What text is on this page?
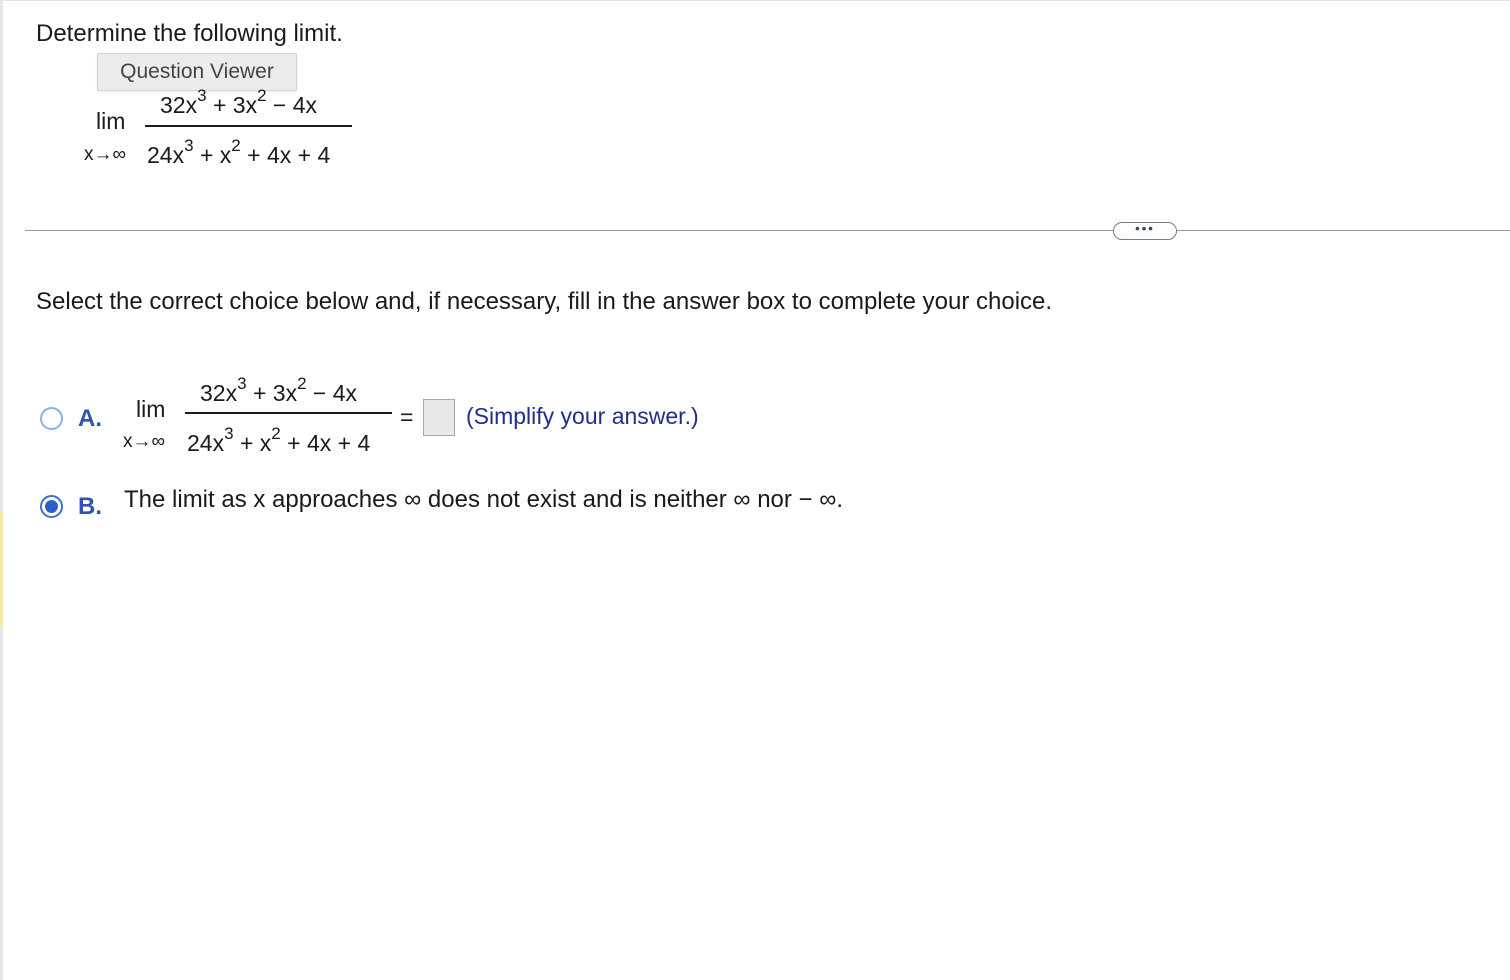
Determine the following limit.
Question Viewer
lim
x→∞
$32x^3 + 3x^2 - 4x$
$24x^3 + x^2 + 4x + 4$
•••
Select the correct choice below and, if necessary, fill in the answer box to complete your choice.
A. lim
x→∞
$32x^3 + 3x^2 - 4x$
$24x^3 + x^2 + 4x + 4$
= (Simplify your answer.)
B. The limit as x approaches ∞ does not exist and is neither ∞ nor − ∞.
